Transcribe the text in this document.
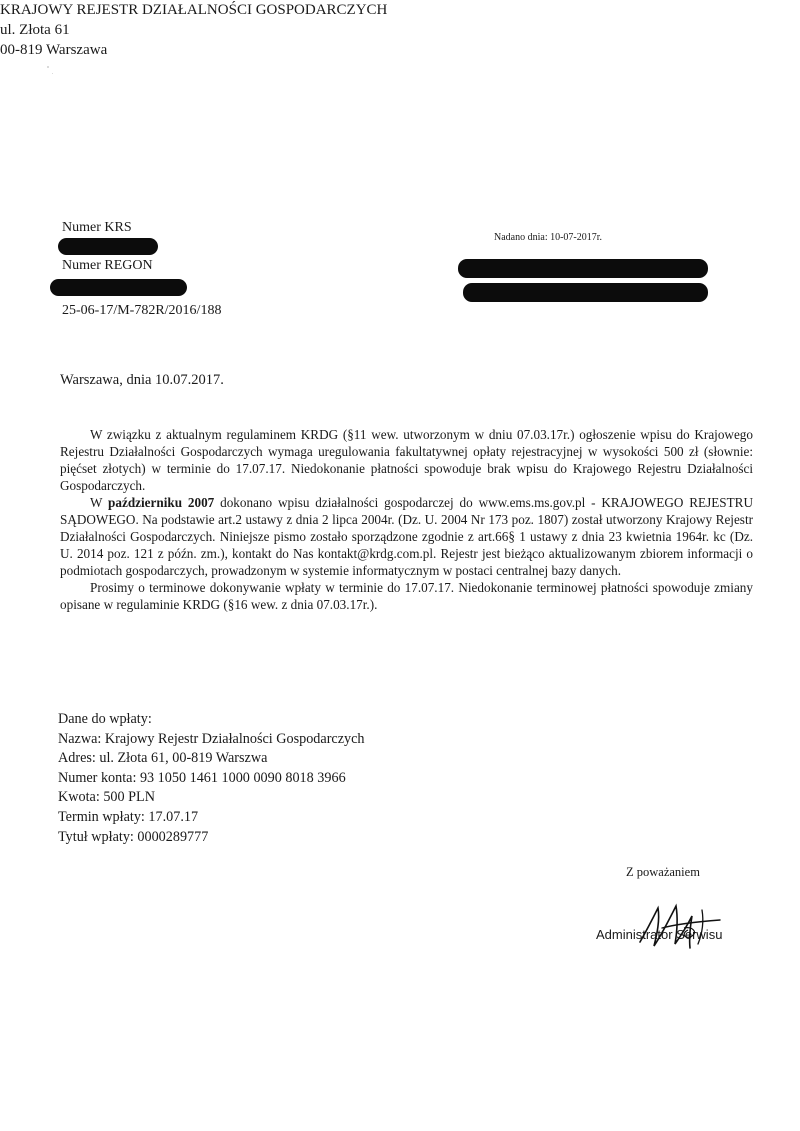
KRAJOWY REJESTR DZIAŁALNOŚCI GOSPODARCZYCH
ul. Złota 61
00-819 Warszawa
Numer KRS
Numer REGON
25-06-17/M-782R/2016/188
Nadano dnia: 10-07-2017r.
Warszawa, dnia 10.07.2017.

W związku z aktualnym regulaminem KRDG (§11 wew. utworzonym w dniu 07.03.17r.) ogłoszenie wpisu do Krajowego Rejestru Działalności Gospodarczych wymaga uregulowania fakultatywnej opłaty rejestracyjnej w wysokości 500 zł (słownie: pięćset złotych) w terminie do 17.07.17. Niedokonanie płatności spowoduje brak wpisu do Krajowego Rejestru Działalności Gospodarczych.

W październiku 2007 dokonano wpisu działalności gospodarczej do www.ems.ms.gov.pl - KRAJOWEGO REJESTRU SĄDOWEGO. Na podstawie art.2 ustawy z dnia 2 lipca 2004r. (Dz. U. 2004 Nr 173 poz. 1807) został utworzony Krajowy Rejestr Działalności Gospodarczych. Niniejsze pismo zostało sporządzone zgodnie z art.66§ 1 ustawy z dnia 23 kwietnia 1964r. kc (Dz. U. 2014 poz. 121 z późn. zm.), kontakt do Nas kontakt@krdg.com.pl. Rejestr jest bieżąco aktualizowanym zbiorem informacji o podmiotach gospodarczych, prowadzonym w systemie informatycznym w postaci centralnej bazy danych.

Prosimy o terminowe dokonywanie wpłaty w terminie do 17.07.17. Niedokonanie terminowej płatności spowoduje zmiany opisane w regulaminie KRDG (§16 wew. z dnia 07.03.17r.).

Dane do wpłaty:
Nazwa: Krajowy Rejestr Działalności Gospodarczych
Adres: ul. Złota 61, 00-819 Warszwa
Numer konta: 93 1050 1461 1000 0090 8018 3966
Kwota: 500 PLN
Termin wpłaty: 17.07.17
Tytuł wpłaty: 0000289777
Z poważaniem
Administrator Serwisu
